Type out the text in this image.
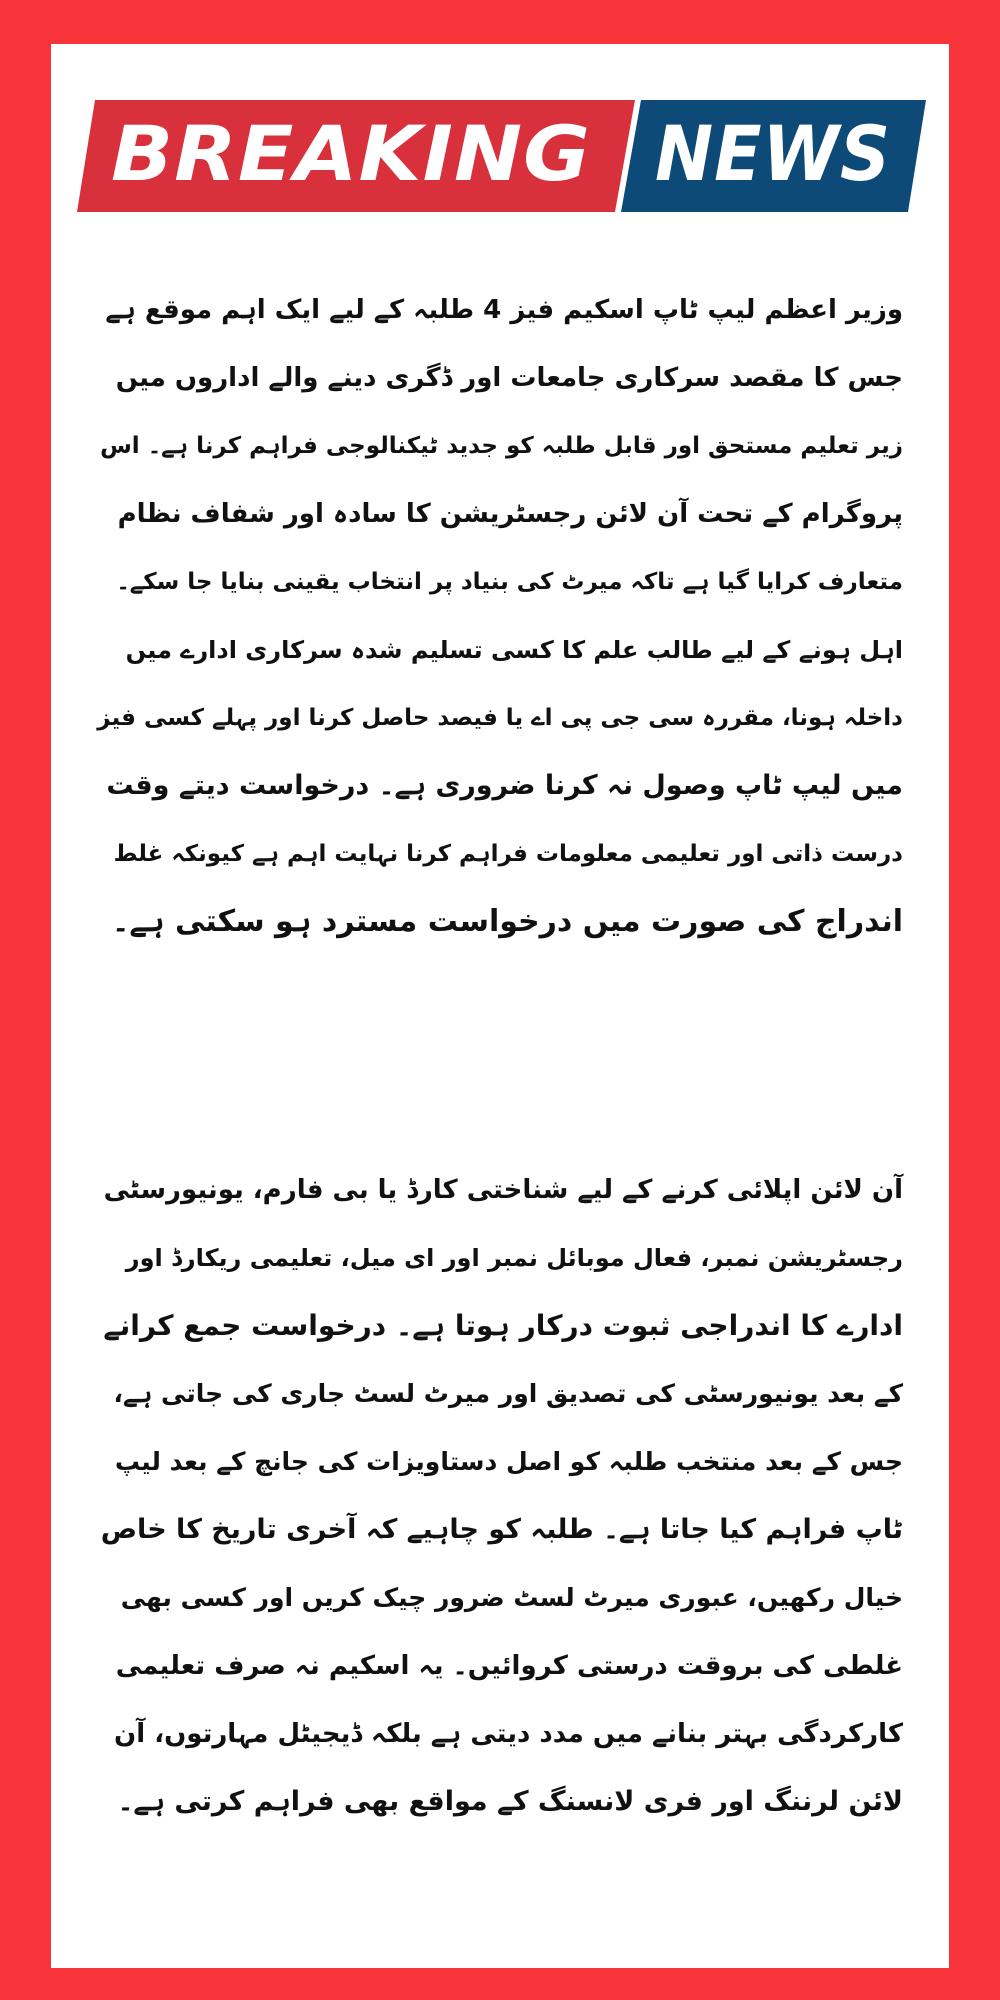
BREAKING NEWS
وزیر اعظم لیپ ٹاپ اسکیم فیز 4 طلبہ کے لیے ایک اہم موقع ہے
جس کا مقصد سرکاری جامعات اور ڈگری دینے والے اداروں میں
زیر تعلیم مستحق اور قابل طلبہ کو جدید ٹیکنالوجی فراہم کرنا ہے۔ اس
پروگرام کے تحت آن لائن رجسٹریشن کا سادہ اور شفاف نظام
متعارف کرایا گیا ہے تاکہ میرٹ کی بنیاد پر انتخاب یقینی بنایا جا سکے۔
اہل ہونے کے لیے طالب علم کا کسی تسلیم شدہ سرکاری ادارے میں
داخلہ ہونا، مقررہ سی جی پی اے یا فیصد حاصل کرنا اور پہلے کسی فیز
میں لیپ ٹاپ وصول نہ کرنا ضروری ہے۔ درخواست دیتے وقت
درست ذاتی اور تعلیمی معلومات فراہم کرنا نہایت اہم ہے کیونکہ غلط
اندراج کی صورت میں درخواست مسترد ہو سکتی ہے۔
آن لائن اپلائی کرنے کے لیے شناختی کارڈ یا بی فارم، یونیورسٹی
رجسٹریشن نمبر، فعال موبائل نمبر اور ای میل، تعلیمی ریکارڈ اور
ادارے کا اندراجی ثبوت درکار ہوتا ہے۔ درخواست جمع کرانے
کے بعد یونیورسٹی کی تصدیق اور میرٹ لسٹ جاری کی جاتی ہے،
جس کے بعد منتخب طلبہ کو اصل دستاویزات کی جانچ کے بعد لیپ
ٹاپ فراہم کیا جاتا ہے۔ طلبہ کو چاہیے کہ آخری تاریخ کا خاص
خیال رکھیں، عبوری میرٹ لسٹ ضرور چیک کریں اور کسی بھی
غلطی کی بروقت درستی کروائیں۔ یہ اسکیم نہ صرف تعلیمی
کارکردگی بہتر بنانے میں مدد دیتی ہے بلکہ ڈیجیٹل مہارتوں، آن
لائن لرننگ اور فری لانسنگ کے مواقع بھی فراہم کرتی ہے۔
